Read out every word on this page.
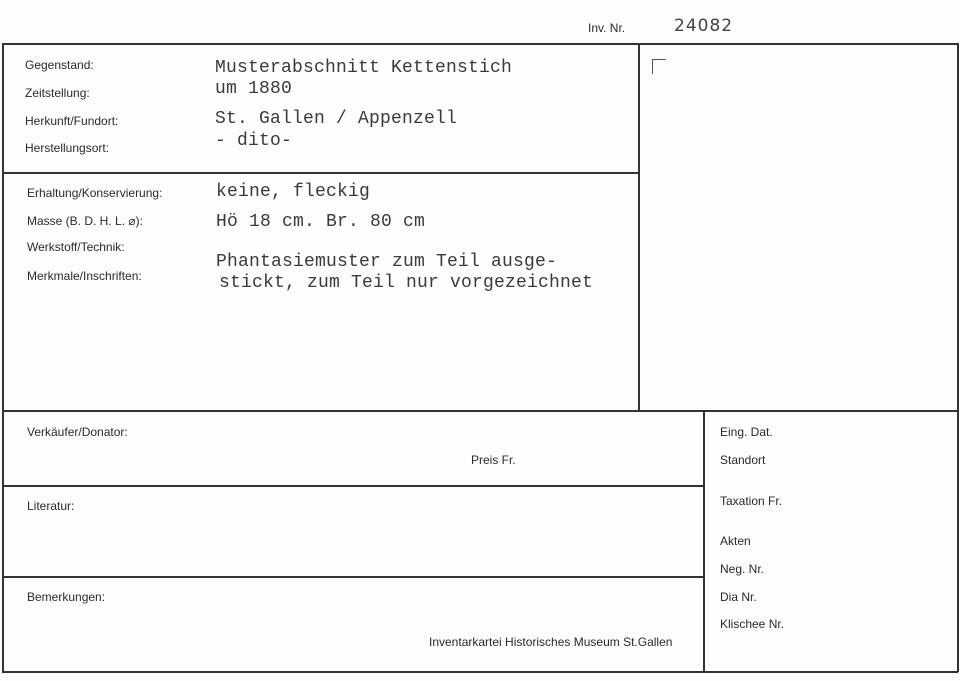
Inv. Nr.	24082
Gegenstand:
Zeitstellung:
Herkunft/Fundort:
Herstellungsort:
Musterabschnitt Kettenstich
um 1880
St. Gallen / Appenzell
- dito-
Erhaltung/Konservierung:
Masse (B. D. H. L. ⌀):
Werkstoff/Technik:
Merkmale/Inschriften:
keine, fleckig
Hö 18 cm. Br. 80 cm
Phantasiemuster zum Teil ausge-
stickt, zum Teil nur vorgezeichnet
Verkäufer/Donator:
Preis Fr.
Literatur:
Bemerkungen:
Inventarkartei Historisches Museum St.Gallen
Eing. Dat.
Standort
Taxation Fr.
Akten
Neg. Nr.
Dia Nr.
Klischee Nr.
